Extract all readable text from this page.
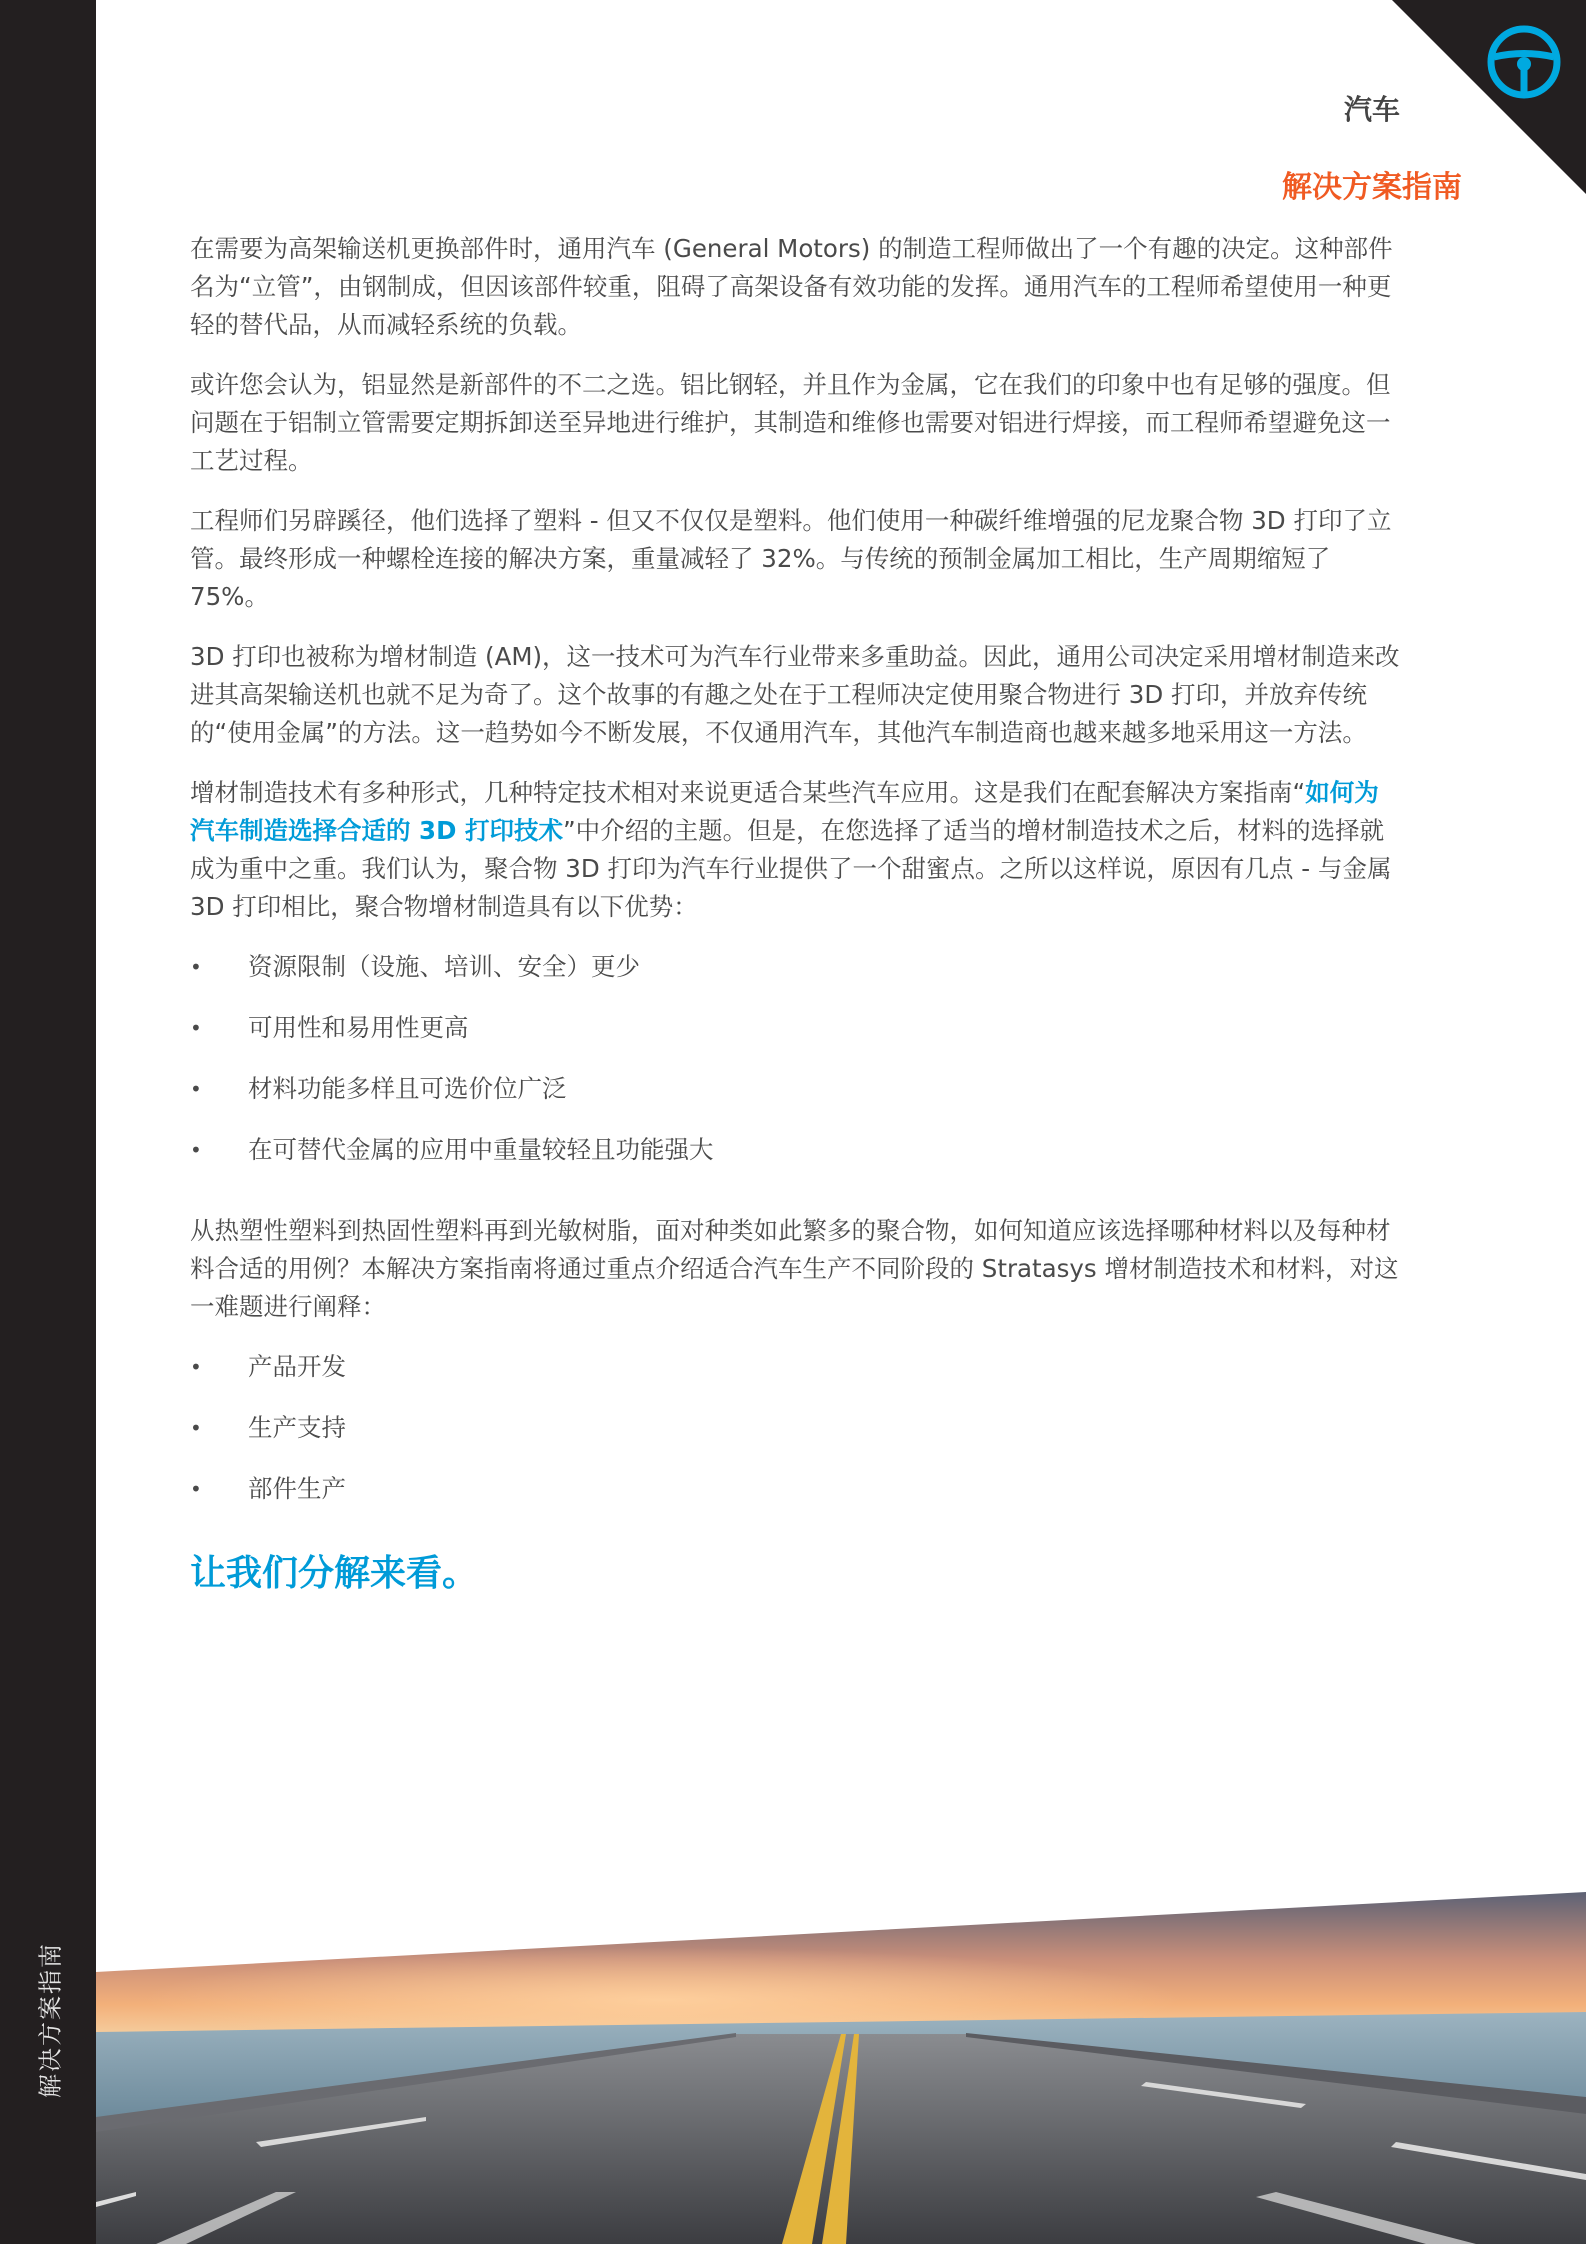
解决方案指南
汽车
解决方案指南

在需要为高架输送机更换部件时，通用汽车 (General Motors) 的制造工程师做出了一个有趣的决定。这种部件名为“立管”，由钢制成，但因该部件较重，阻碍了高架设备有效功能的发挥。通用汽车的工程师希望使用一种更轻的替代品，从而减轻系统的负载。

或许您会认为，铝显然是新部件的不二之选。铝比钢轻，并且作为金属，它在我们的印象中也有足够的强度。但问题在于铝制立管需要定期拆卸送至异地进行维护，其制造和维修也需要对铝进行焊接，而工程师希望避免这一工艺过程。

工程师们另辟蹊径，他们选择了塑料 - 但又不仅仅是塑料。他们使用一种碳纤维增强的尼龙聚合物 3D 打印了立管。最终形成一种螺栓连接的解决方案，重量减轻了 32%。与传统的预制金属加工相比，生产周期缩短了 75%。

3D 打印也被称为增材制造 (AM)，这一技术可为汽车行业带来多重助益。因此，通用公司决定采用增材制造来改进其高架输送机也就不足为奇了。这个故事的有趣之处在于工程师决定使用聚合物进行 3D 打印，并放弃传统的“使用金属”的方法。这一趋势如今不断发展，不仅通用汽车，其他汽车制造商也越来越多地采用这一方法。

增材制造技术有多种形式，几种特定技术相对来说更适合某些汽车应用。这是我们在配套解决方案指南“如何为汽车制造选择合适的 3D 打印技术”中介绍的主题。但是，在您选择了适当的增材制造技术之后，材料的选择就成为重中之重。我们认为，聚合物 3D 打印为汽车行业提供了一个甜蜜点。之所以这样说，原因有几点 - 与金属 3D 打印相比，聚合物增材制造具有以下优势：

• 资源限制（设施、培训、安全）更少
• 可用性和易用性更高
• 材料功能多样且可选价位广泛
• 在可替代金属的应用中重量较轻且功能强大

从热塑性塑料到热固性塑料再到光敏树脂，面对种类如此繁多的聚合物，如何知道应该选择哪种材料以及每种材料合适的用例？本解决方案指南将通过重点介绍适合汽车生产不同阶段的 Stratasys 增材制造技术和材料，对这一难题进行阐释：

• 产品开发
• 生产支持
• 部件生产
让我们分解来看。
